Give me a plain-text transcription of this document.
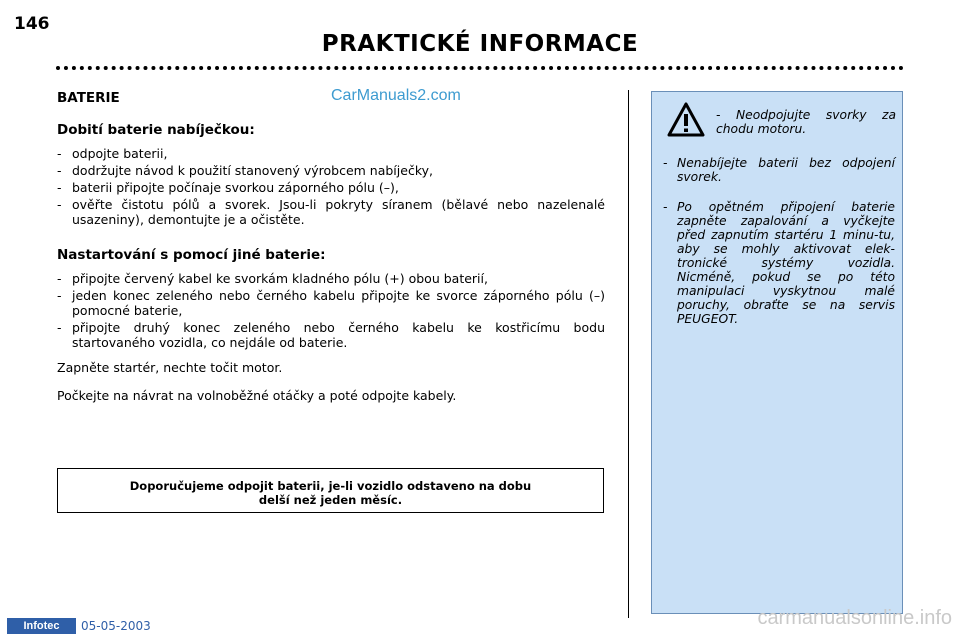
146
PRAKTICKÉ INFORMACE
CarManuals2.com

BATERIE

Dobití baterie nabíječkou:

- odpojte baterii,
- dodržujte návod k použití stanovený výrobcem nabíječky,
- baterii připojte počínaje svorkou záporného pólu (–),
- ověřte čistotu pólů a svorek. Jsou-li pokryty síranem (bělavé nebo nazelenalé usazeniny), demontujte je a očistěte.

Nastartování s pomocí jiné baterie:

- připojte červený kabel ke svorkám kladného pólu (+) obou baterií,
- jeden konec zeleného nebo černého kabelu připojte ke svorce záporného pólu (–) pomocné baterie,
- připojte druhý konec zeleného nebo černého kabelu ke kostřicímu bodu startovaného vozidla, co nejdále od baterie.

Zapněte startér, nechte točit motor.

Počkejte na návrat na volnoběžné otáčky a poté odpojte kabely.

Doporučujeme odpojit baterii, je-li vozidlo odstaveno na dobu
delší než jeden měsíc.
- Neodpojujte svorky za chodu motoru.
- Nenabíjejte baterii bez odpojení svorek.
- Po opětném připojení baterie zapněte zapalování a vyčkejte před zapnutím startéru 1 minu-tu, aby se mohly aktivovat elek-tronické systémy vozidla. Nicméně, pokud se po této manipulaci vyskytnou malé poruchy, obraťte se na servis PEUGEOT.
Infotec	05-05-2003	carmanualsonline.info
